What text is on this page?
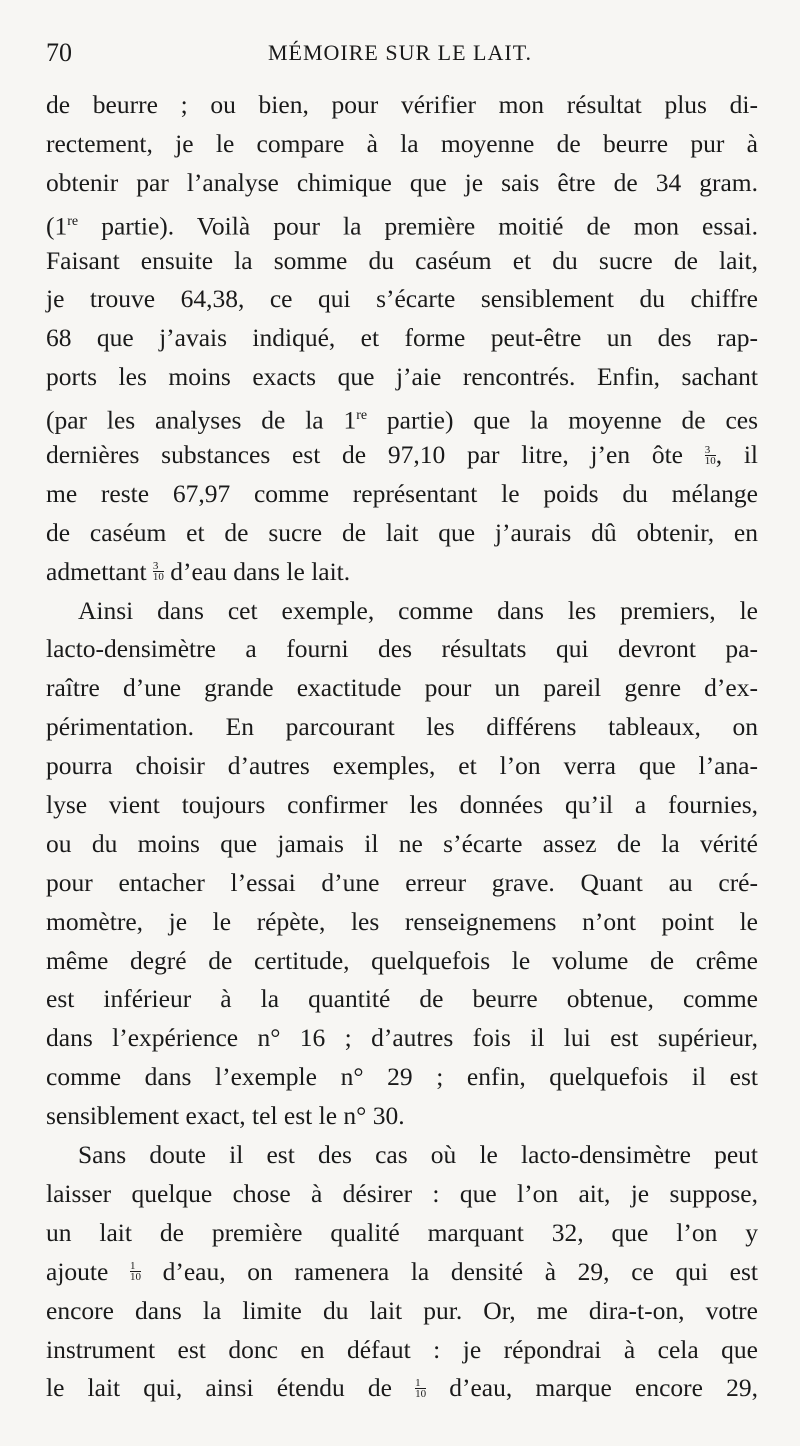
70	MÉMOIRE SUR LE LAIT.
de beurre ; ou bien, pour vérifier mon résultat plus di-
rectement, je le compare à la moyenne de beurre pur à
obtenir par l’analyse chimique que je sais être de 34 gram.
(1re partie). Voilà pour la première moitié de mon essai.
Faisant ensuite la somme du caséum et du sucre de lait,
je trouve 64,38, ce qui s’écarte sensiblement du chiffre
68 que j’avais indiqué, et forme peut-être un des rap-
ports les moins exacts que j’aie rencontrés. Enfin, sachant
(par les analyses de la 1re partie) que la moyenne de ces
dernières substances est de 97,10 par litre, j’en ôte $\frac{3}{10}$ , il
me reste 67,97 comme représentant le poids du mélange
de caséum et de sucre de lait que j’aurais dû obtenir, en
admettant $\frac{3}{10}$ d’eau dans le lait.
Ainsi dans cet exemple, comme dans les premiers, le
lacto-densimètre a fourni des résultats qui devront pa-
raître d’une grande exactitude pour un pareil genre d’ex-
périmentation. En parcourant les différens tableaux, on
pourra choisir d’autres exemples, et l’on verra que l’ana-
lyse vient toujours confirmer les données qu’il a fournies,
ou du moins que jamais il ne s’écarte assez de la vérité
pour entacher l’essai d’une erreur grave. Quant au cré-
momètre, je le répète, les renseignemens n’ont point le
même degré de certitude, quelquefois le volume de crême
est inférieur à la quantité de beurre obtenue, comme
dans l’expérience n° 16 ; d’autres fois il lui est supérieur,
comme dans l’exemple n° 29 ; enfin, quelquefois il est
sensiblement exact, tel est le n° 30.
Sans doute il est des cas où le lacto-densimètre peut
laisser quelque chose à désirer : que l’on ait, je suppose,
un lait de première qualité marquant 32, que l’on y
ajoute $\frac{1}{10}$ d’eau, on ramenera la densité à 29, ce qui est
encore dans la limite du lait pur. Or, me dira-t-on, votre
instrument est donc en défaut : je répondrai à cela que
le lait qui, ainsi étendu de $\frac{1}{10}$ d’eau, marque encore 29,
